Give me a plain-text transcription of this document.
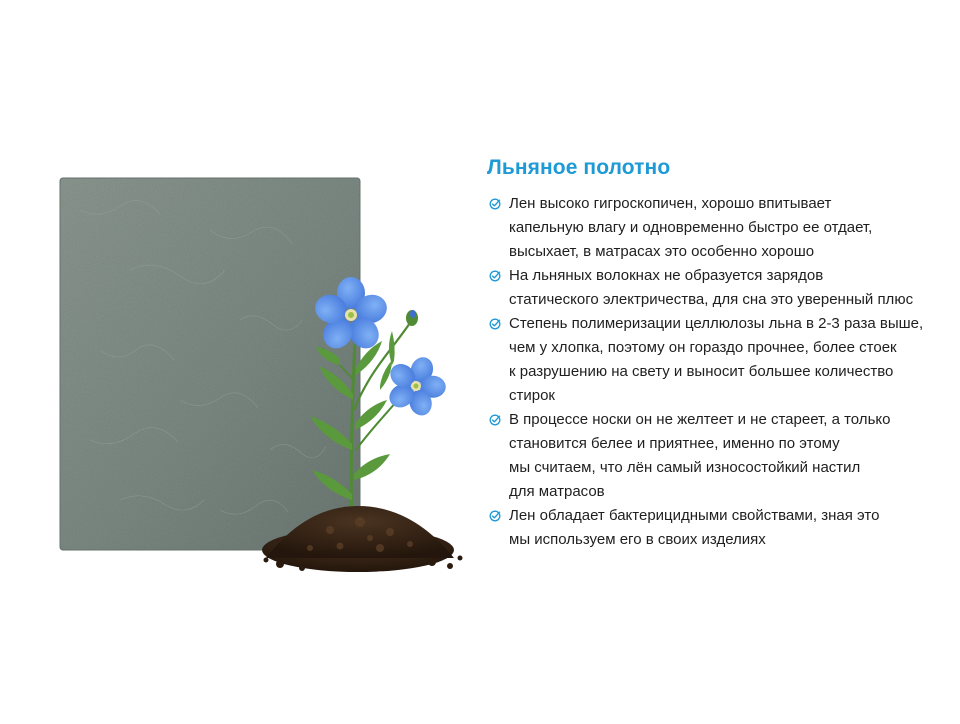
Льняное полотно
Лен высоко гигроскопичен, хорошо впитывает
капельную влагу и одновременно быстро ее отдает,
высыхает, в матрасах это особенно хорошо
На льняных волокнах не образуется зарядов
статического электричества, для сна это уверенный плюс
Степень полимеризации целлюлозы льна в 2-3 раза выше,
чем у хлопка, поэтому он гораздо прочнее, более стоек
к разрушению на свету и выносит большее количество
стирок
В процессе носки он не желтеет и не стареет, а только
становится белее и приятнее, именно по этому
мы считаем, что лён самый износостойкий настил
для матрасов
Лен обладает бактерицидными свойствами, зная это
мы используем его в своих изделиях
